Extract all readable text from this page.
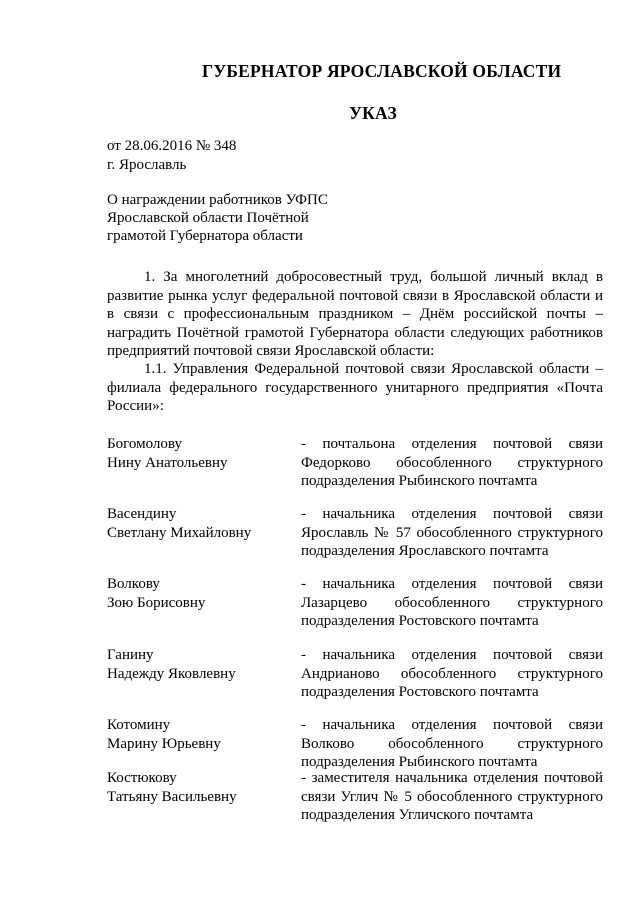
ГУБЕРНАТОР ЯРОСЛАВСКОЙ ОБЛАСТИ
УКАЗ
от 28.06.2016 № 348
г. Ярославль
О награждении работников УФПС
Ярославской области Почётной
грамотой Губернатора области
1. За многолетний добросовестный труд, большой личный вклад в развитие рынка услуг федеральной почтовой связи в Ярославской области и в связи с профессиональным праздником – Днём российской почты – наградить Почётной грамотой Губернатора области следующих работников предприятий почтовой связи Ярославской области:
1.1. Управления Федеральной почтовой связи Ярославской области – филиала федерального государственного унитарного предприятия «Почта России»:
Богомолову
Нину Анатольевну
- почтальона отделения почтовой связи Федорково обособленного структурного подразделения Рыбинского почтамта
Васендину
Светлану Михайловну
- начальника отделения почтовой связи Ярославль № 57 обособленного структурного подразделения Ярославского почтамта
Волкову
Зою Борисовну
- начальника отделения почтовой связи Лазарцево обособленного структурного подразделения Ростовского почтамта
Ганину
Надежду Яковлевну
- начальника отделения почтовой связи Андрианово обособленного структурного подразделения Ростовского почтамта
Котомину
Марину Юрьевну
- начальника отделения почтовой связи Волково обособленного структурного подразделения Рыбинского почтамта
Костюкову
Татьяну Васильевну
- заместителя начальника отделения почтовой связи Углич № 5 обособленного структурного подразделения Угличского почтамта
